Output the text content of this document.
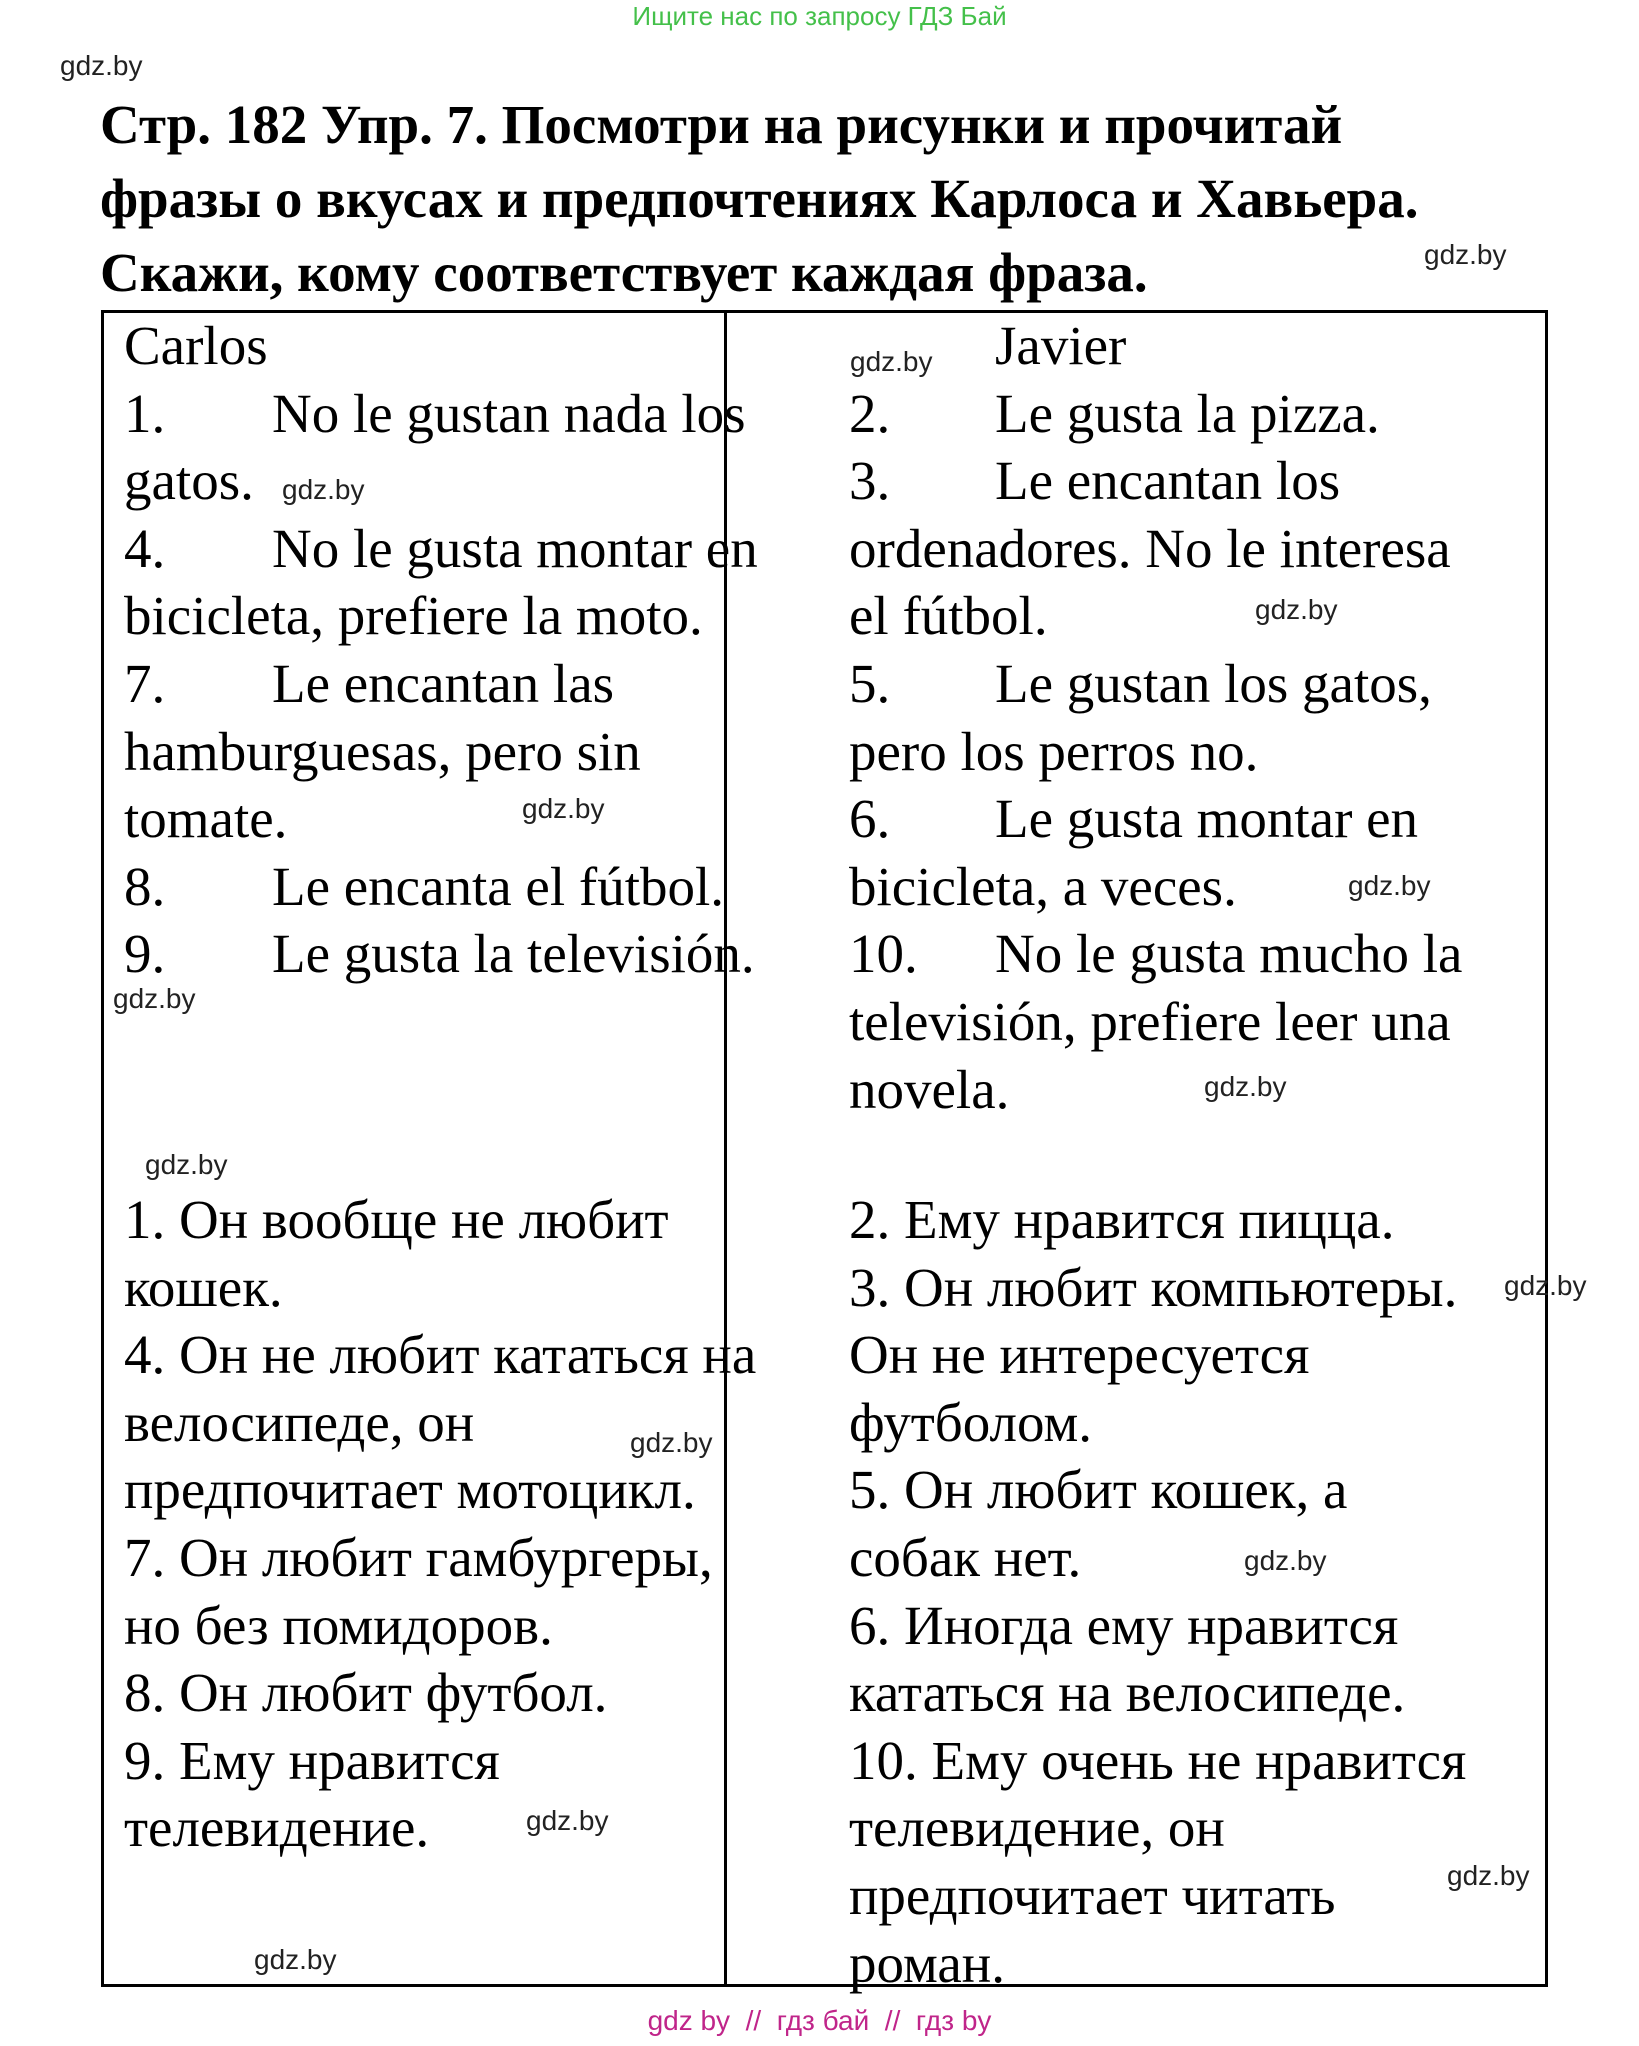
Ищите нас по запросу ГДЗ Бай
gdz.by
Стр. 182 Упр. 7. Посмотри на рисунки и прочитай
фразы о вкусах и предпочтениях Карлоса и Хавьера.
Скажи, кому соответствует каждая фраза.	gdz.by
Carlos
1. No le gustan nada los
gatos.
4. No le gusta montar en
bicicleta, prefiere la moto.
7. Le encantan las
hamburguesas, pero sin
tomate.
8. Le encanta el fútbol.
9. Le gusta la televisión.
Javier
2. Le gusta la pizza.
3. Le encantan los
ordenadores. No le interesa
el fútbol.
5. Le gustan los gatos,
pero los perros no.
6. Le gusta montar en
bicicleta, a veces.
10. No le gusta mucho la
televisión, prefiere leer una
novela.
1. Он вообще не любит
кошек.
4. Он не любит кататься на
велосипеде, он
предпочитает мотоцикл.
7. Он любит гамбургеры,
но без помидоров.
8. Он любит футбол.
9. Ему нравится
телевидение.
2. Ему нравится пицца.
3. Он любит компьютеры.
Он не интересуется
футболом.
5. Он любит кошек, а
собак нет.
6. Иногда ему нравится
кататься на велосипеде.
10. Ему очень не нравится
телевидение, он
предпочитает читать
роман.
gdz.by
gdz.by
gdz.by
gdz.by
gdz.by
gdz.by
gdz.by
gdz.by
gdz.by
gdz.by
gdz.by
gdz.by
gdz.by
gdz.by
gdz by  //  гдз бай  //  гдз by
